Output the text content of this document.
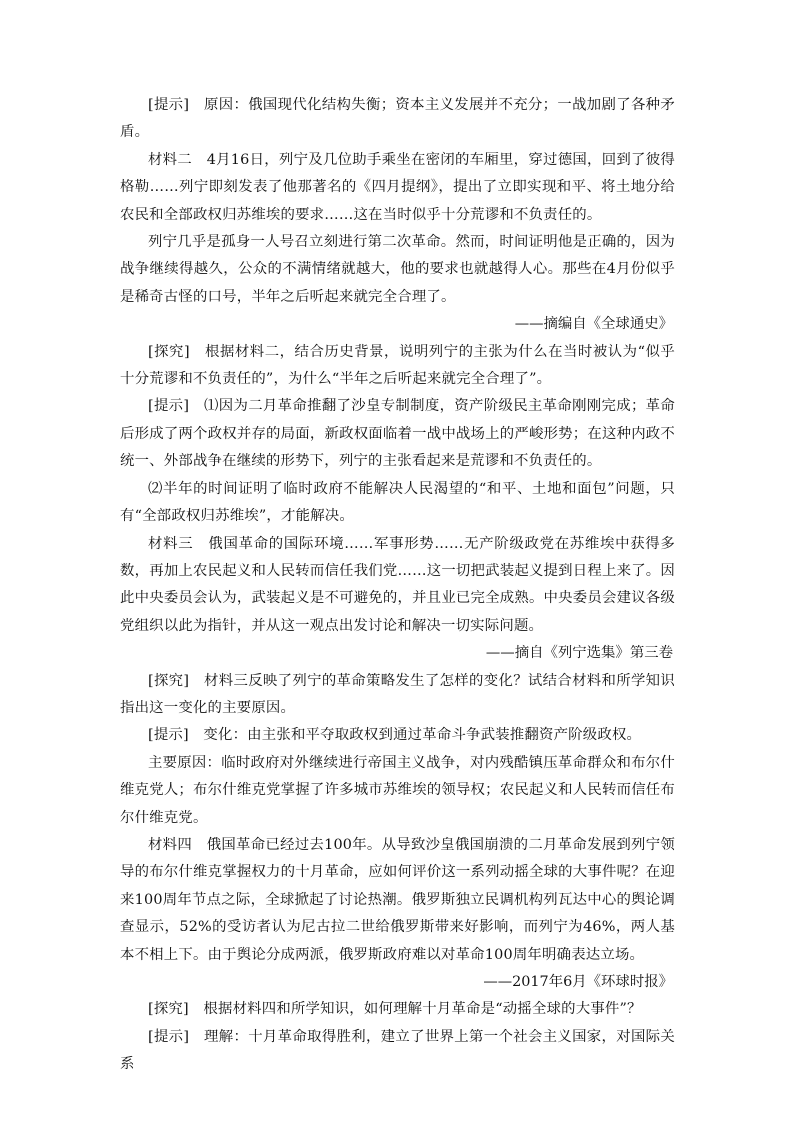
[提示]　原因：俄国现代化结构失衡；资本主义发展并不充分；一战加剧了各种矛盾。

材料二　4月16日，列宁及几位助手乘坐在密闭的车厢里，穿过德国，回到了彼得格勒……列宁即刻发表了他那著名的《四月提纲》，提出了立即实现和平、将土地分给农民和全部政权归苏维埃的要求……这在当时似乎十分荒谬和不负责任的。

列宁几乎是孤身一人号召立刻进行第二次革命。然而，时间证明他是正确的，因为战争继续得越久，公众的不满情绪就越大，他的要求也就越得人心。那些在4月份似乎是稀奇古怪的口号，半年之后听起来就完全合理了。

——摘编自《全球通史》

[探究]　根据材料二，结合历史背景，说明列宁的主张为什么在当时被认为“似乎十分荒谬和不负责任的”，为什么“半年之后听起来就完全合理了”。

[提示]　⑴因为二月革命推翻了沙皇专制制度，资产阶级民主革命刚刚完成；革命后形成了两个政权并存的局面，新政权面临着一战中战场上的严峻形势；在这种内政不统一、外部战争在继续的形势下，列宁的主张看起来是荒谬和不负责任的。

⑵半年的时间证明了临时政府不能解决人民渴望的“和平、土地和面包”问题，只有“全部政权归苏维埃”，才能解决。

材料三　俄国革命的国际环境……军事形势……无产阶级政党在苏维埃中获得多数，再加上农民起义和人民转而信任我们党……这一切把武装起义提到日程上来了。因此中央委员会认为，武装起义是不可避免的，并且业已完全成熟。中央委员会建议各级党组织以此为指针，并从这一观点出发讨论和解决一切实际问题。

——摘自《列宁选集》第三卷

[探究]　材料三反映了列宁的革命策略发生了怎样的变化？试结合材料和所学知识指出这一变化的主要原因。

[提示]　变化：由主张和平夺取政权到通过革命斗争武装推翻资产阶级政权。

主要原因：临时政府对外继续进行帝国主义战争，对内残酷镇压革命群众和布尔什维克党人；布尔什维克党掌握了许多城市苏维埃的领导权；农民起义和人民转而信任布尔什维克党。

材料四　俄国革命已经过去100年。从导致沙皇俄国崩溃的二月革命发展到列宁领导的布尔什维克掌握权力的十月革命，应如何评价这一系列动摇全球的大事件呢？在迎来100周年节点之际，全球掀起了讨论热潮。俄罗斯独立民调机构列瓦达中心的舆论调查显示，52%的受访者认为尼古拉二世给俄罗斯带来好影响，而列宁为46%，两人基本不相上下。由于舆论分成两派，俄罗斯政府难以对革命100周年明确表达立场。

——2017年6月《环球时报》

[探究]　根据材料四和所学知识，如何理解十月革命是“动摇全球的大事件”？

[提示]　理解：十月革命取得胜利，建立了世界上第一个社会主义国家，对国际关系
